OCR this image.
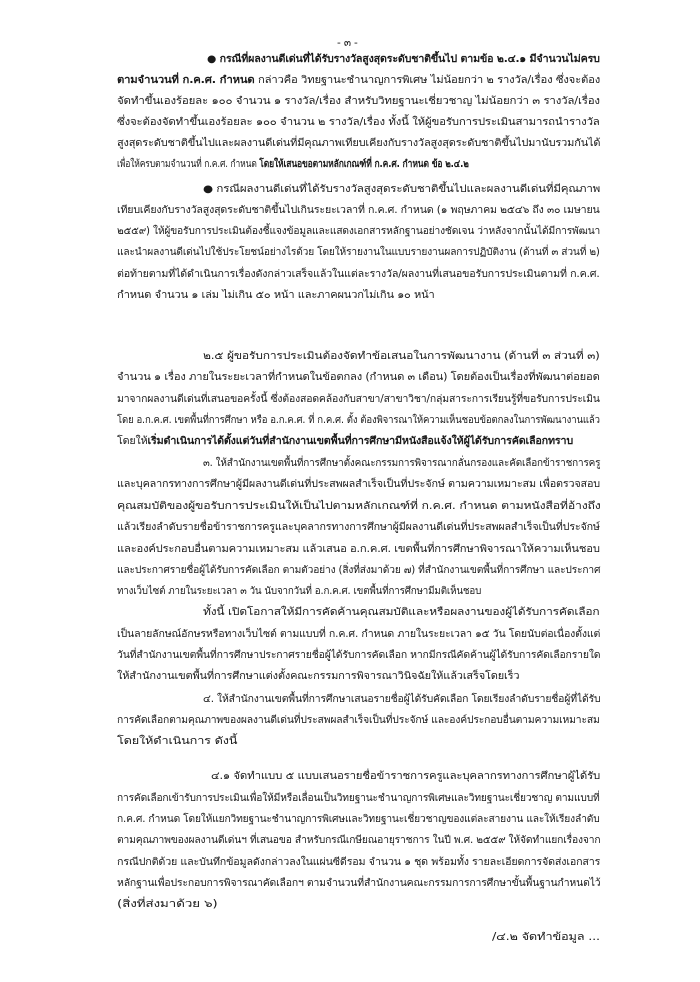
- ๓ -
● กรณีที่ผลงานดีเด่นที่ได้รับรางวัลสูงสุดระดับชาติขึ้นไป ตามข้อ ๒.๔.๑ มีจำนวนไม่ครบ
ตามจำนวนที่ ก.ค.ศ. กำหนด กล่าวคือ วิทยฐานะชำนาญการพิเศษ ไม่น้อยกว่า ๒ รางวัล/เรื่อง ซึ่งจะต้อง
จัดทำขึ้นเองร้อยละ ๑๐๐ จำนวน ๑ รางวัล/เรื่อง สำหรับวิทยฐานะเชี่ยวชาญ ไม่น้อยกว่า ๓ รางวัล/เรื่อง
ซึ่งจะต้องจัดทำขึ้นเองร้อยละ ๑๐๐ จำนวน ๒ รางวัล/เรื่อง ทั้งนี้ ให้ผู้ขอรับการประเมินสามารถนำรางวัล
สูงสุดระดับชาติขึ้นไปและผลงานดีเด่นที่มีคุณภาพเทียบเคียงกับรางวัลสูงสุดระดับชาติขึ้นไปมานับรวมกันได้
เพื่อให้ครบตามจำนวนที่ ก.ค.ศ. กำหนด โดยให้เสนอขอตามหลักเกณฑ์ที่ ก.ค.ศ. กำหนด ข้อ ๒.๔.๒
● กรณีผลงานดีเด่นที่ได้รับรางวัลสูงสุดระดับชาติขึ้นไปและผลงานดีเด่นที่มีคุณภาพ
เทียบเคียงกับรางวัลสูงสุดระดับชาติขึ้นไปเกินระยะเวลาที่ ก.ค.ศ. กำหนด (๑ พฤษภาคม ๒๕๔๖ ถึง ๓๐ เมษายน
๒๕๕๙) ให้ผู้ขอรับการประเมินต้องชี้แจงข้อมูลและแสดงเอกสารหลักฐานอย่างชัดเจน ว่าหลังจากนั้นได้มีการพัฒนา
และนำผลงานดีเด่นไปใช้ประโยชน์อย่างไรด้วย โดยให้รายงานในแบบรายงานผลการปฏิบัติงาน (ด้านที่ ๓ ส่วนที่ ๒)
ต่อท้ายตามที่ได้ดำเนินการเรื่องดังกล่าวเสร็จแล้วในแต่ละรางวัล/ผลงานที่เสนอขอรับการประเมินตามที่ ก.ค.ศ.
กำหนด จำนวน ๑ เล่ม ไม่เกิน ๕๐ หน้า และภาคผนวกไม่เกิน ๑๐ หน้า
๒.๕ ผู้ขอรับการประเมินต้องจัดทำข้อเสนอในการพัฒนางาน (ด้านที่ ๓ ส่วนที่ ๓)
จำนวน ๑ เรื่อง ภายในระยะเวลาที่กำหนดในข้อตกลง (กำหนด ๓ เดือน) โดยต้องเป็นเรื่องที่พัฒนาต่อยอด
มาจากผลงานดีเด่นที่เสนอขอครั้งนี้ ซึ่งต้องสอดคล้องกับสาขา/สาขาวิชา/กลุ่มสาระการเรียนรู้ที่ขอรับการประเมิน
โดย อ.ก.ค.ศ. เขตพื้นที่การศึกษา หรือ อ.ก.ค.ศ. ที่ ก.ค.ศ. ตั้ง ต้องพิจารณาให้ความเห็นชอบข้อตกลงในการพัฒนางานแล้ว
โดยให้เริ่มดำเนินการได้ตั้งแต่วันที่สำนักงานเขตพื้นที่การศึกษามีหนังสือแจ้งให้ผู้ได้รับการคัดเลือกทราบ
๓. ให้สำนักงานเขตพื้นที่การศึกษาตั้งคณะกรรมการพิจารณากลั่นกรองและคัดเลือกข้าราชการครู
และบุคลากรทางการศึกษาผู้มีผลงานดีเด่นที่ประสพผลสำเร็จเป็นที่ประจักษ์ ตามความเหมาะสม เพื่อตรวจสอบ
คุณสมบัติของผู้ขอรับการประเมินให้เป็นไปตามหลักเกณฑ์ที่ ก.ค.ศ. กำหนด ตามหนังสือที่อ้างถึง
แล้วเรียงลำดับรายชื่อข้าราชการครูและบุคลากรทางการศึกษาผู้มีผลงานดีเด่นที่ประสพผลสำเร็จเป็นที่ประจักษ์
และองค์ประกอบอื่นตามความเหมาะสม แล้วเสนอ อ.ก.ค.ศ. เขตพื้นที่การศึกษาพิจารณาให้ความเห็นชอบ
และประกาศรายชื่อผู้ได้รับการคัดเลือก ตามตัวอย่าง (สิ่งที่ส่งมาด้วย ๗) ที่สำนักงานเขตพื้นที่การศึกษา และประกาศ
ทางเว็บไซต์ ภายในระยะเวลา ๓ วัน นับจากวันที่ อ.ก.ค.ศ. เขตพื้นที่การศึกษามีมติเห็นชอบ
ทั้งนี้ เปิดโอกาสให้มีการคัดค้านคุณสมบัติและหรือผลงานของผู้ได้รับการคัดเลือก
เป็นลายลักษณ์อักษรหรือทางเว็บไซต์ ตามแบบที่ ก.ค.ศ. กำหนด ภายในระยะเวลา ๑๕ วัน โดยนับต่อเนื่องตั้งแต่
วันที่สำนักงานเขตพื้นที่การศึกษาประกาศรายชื่อผู้ได้รับการคัดเลือก หากมีกรณีคัดค้านผู้ได้รับการคัดเลือกรายใด
ให้สำนักงานเขตพื้นที่การศึกษาแต่งตั้งคณะกรรมการพิจารณาวินิจฉัยให้แล้วเสร็จโดยเร็ว
๔. ให้สำนักงานเขตพื้นที่การศึกษาเสนอรายชื่อผู้ได้รับคัดเลือก โดยเรียงลำดับรายชื่อผู้ที่ได้รับ
การคัดเลือกตามคุณภาพของผลงานดีเด่นที่ประสพผลสำเร็จเป็นที่ประจักษ์ และองค์ประกอบอื่นตามความเหมาะสม
โดยให้ดำเนินการ ดังนี้
๔.๑ จัดทำแบบ ๕ แบบเสนอรายชื่อข้าราชการครูและบุคลากรทางการศึกษาผู้ได้รับ
การคัดเลือกเข้ารับการประเมินเพื่อให้มีหรือเลื่อนเป็นวิทยฐานะชำนาญการพิเศษและวิทยฐานะเชี่ยวชาญ ตามแบบที่
ก.ค.ศ. กำหนด โดยให้แยกวิทยฐานะชำนาญการพิเศษและวิทยฐานะเชี่ยวชาญของแต่ละสายงาน และให้เรียงลำดับ
ตามคุณภาพของผลงานดีเด่นฯ ที่เสนอขอ สำหรับกรณีเกษียณอายุราชการ ในปี พ.ศ. ๒๕๕๙ ให้จัดทำแยกเรื่องจาก
กรณีปกติด้วย และบันทึกข้อมูลดังกล่าวลงในแผ่นซีดีรอม จำนวน ๑ ชุด พร้อมทั้ง รายละเอียดการจัดส่งเอกสาร
หลักฐานเพื่อประกอบการพิจารณาคัดเลือกฯ ตามจำนวนที่สำนักงานคณะกรรมการการศึกษาขั้นพื้นฐานกำหนดไว้
(สิ่งที่ส่งมาด้วย ๖)
/๔.๒ จัดทำข้อมูล ...
